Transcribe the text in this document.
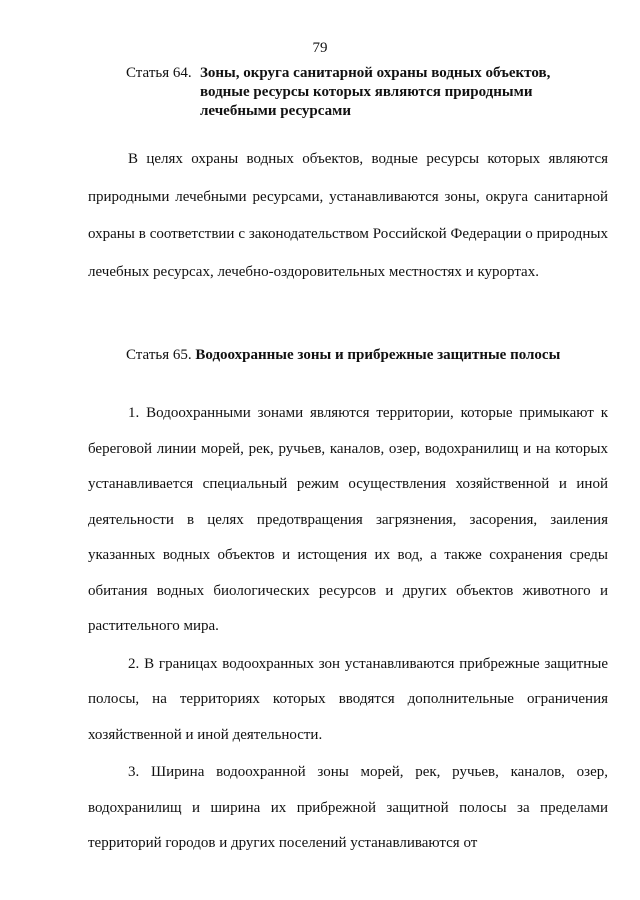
79
Статья 64. Зоны, округа санитарной охраны водных объектов, водные ресурсы которых являются природными лечебными ресурсами

В целях охраны водных объектов, водные ресурсы которых являются природными лечебными ресурсами, устанавливаются зоны, округа санитарной охраны в соответствии с законодательством Российской Федерации о природных лечебных ресурсах, лечебно-оздоровительных местностях и курортах.

Статья 65. Водоохранные зоны и прибрежные защитные полосы

1. Водоохранными зонами являются территории, которые примыкают к береговой линии морей, рек, ручьев, каналов, озер, водохранилищ и на которых устанавливается специальный режим осуществления хозяйственной и иной деятельности в целях предотвращения загрязнения, засорения, заиления указанных водных объектов и истощения их вод, а также сохранения среды обитания водных биологических ресурсов и других объектов животного и растительного мира.

2. В границах водоохранных зон устанавливаются прибрежные защитные полосы, на территориях которых вводятся дополнительные ограничения хозяйственной и иной деятельности.

3. Ширина водоохранной зоны морей, рек, ручьев, каналов, озер, водохранилищ и ширина их прибрежной защитной полосы за пределами территорий городов и других поселений устанавливаются от
